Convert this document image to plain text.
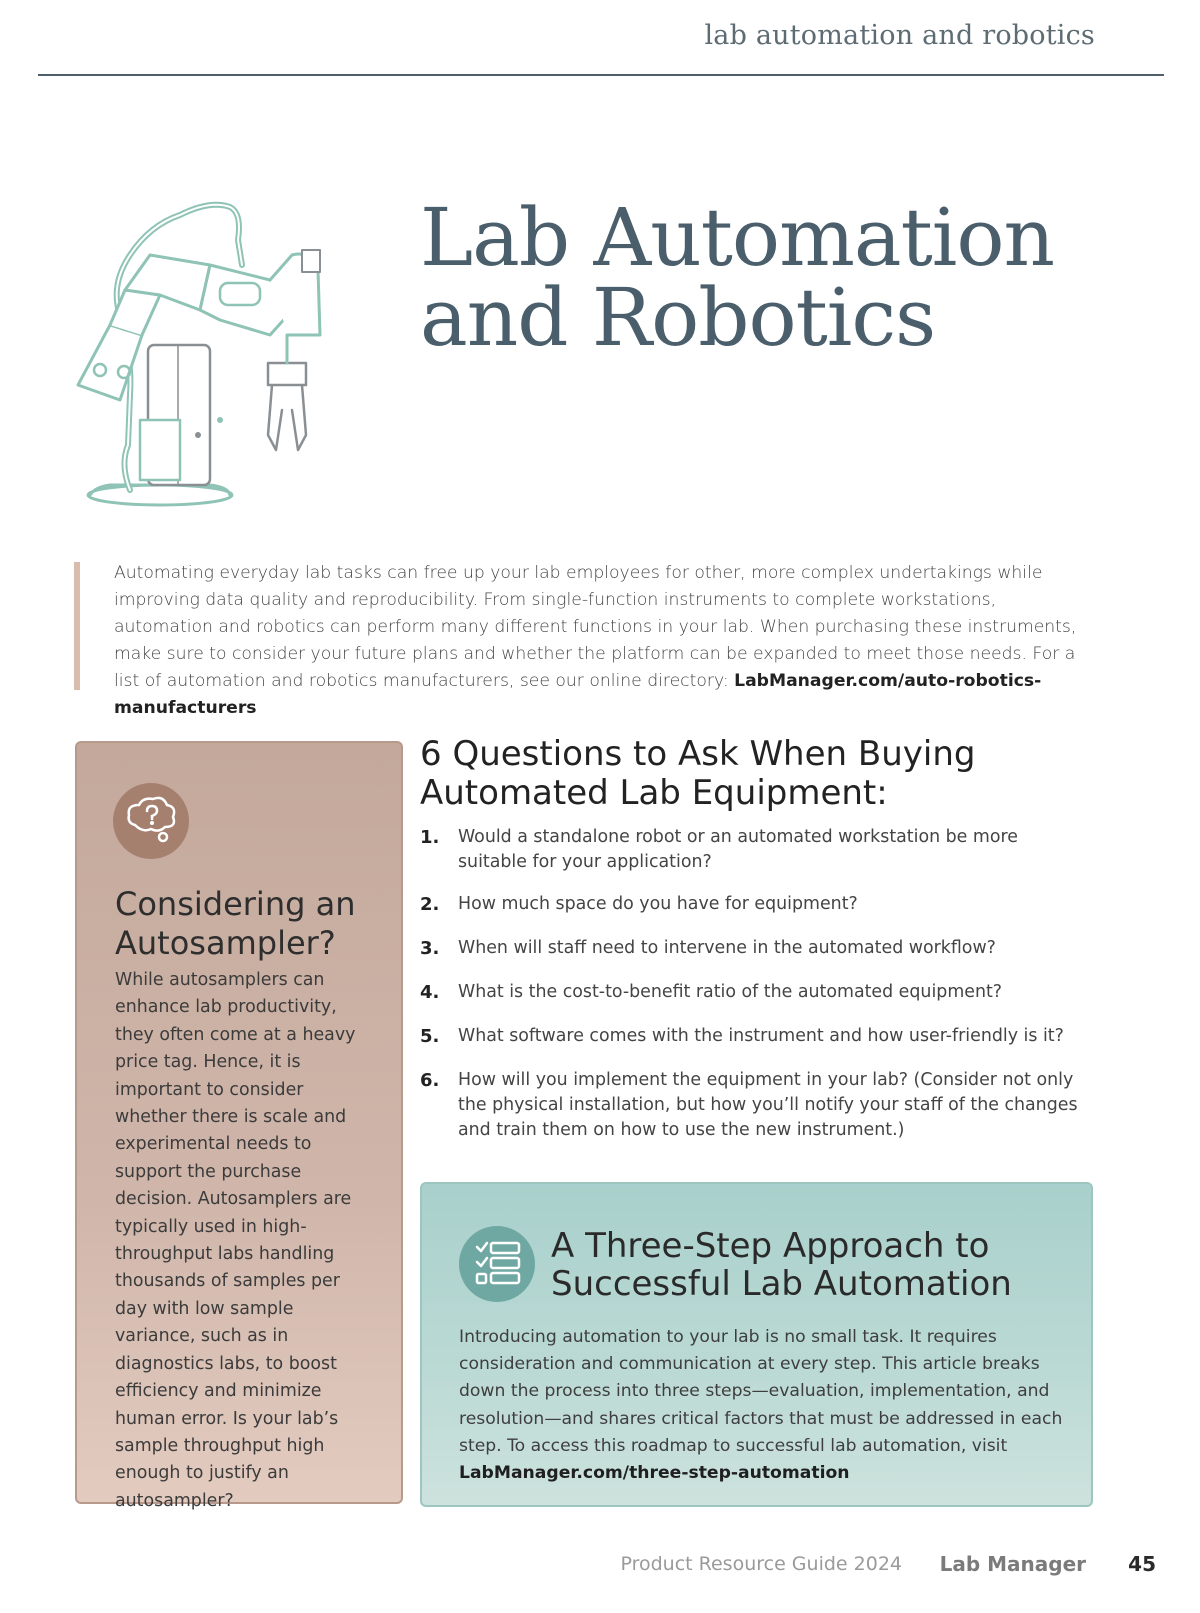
lab automation and robotics
Lab Automation
and Robotics
Automating everyday lab tasks can free up your lab employees for other, more complex undertakings while improving data quality and reproducibility. From single-function instruments to complete workstations, automation and robotics can perform many different functions in your lab. When purchasing these instruments, make sure to consider your future plans and whether the platform can be expanded to meet those needs. For a list of automation and robotics manufacturers, see our online directory: LabManager.com/auto-robotics-manufacturers
Considering an Autosampler?
While autosamplers can enhance lab productivity, they often come at a heavy price tag. Hence, it is important to consider whether there is scale and experimental needs to support the purchase decision. Autosamplers are typically used in high-throughput labs handling thousands of samples per day with low sample variance, such as in diagnostics labs, to boost efficiency and minimize human error. Is your lab’s sample throughput high enough to justify an autosampler?
6 Questions to Ask When Buying Automated Lab Equipment:
1. Would a standalone robot or an automated workstation be more suitable for your application?
2. How much space do you have for equipment?
3. When will staff need to intervene in the automated workflow?
4. What is the cost-to-benefit ratio of the automated equipment?
5. What software comes with the instrument and how user-friendly is it?
6. How will you implement the equipment in your lab? (Consider not only the physical installation, but how you’ll notify your staff of the changes and train them on how to use the new instrument.)
A Three-Step Approach to Successful Lab Automation
Introducing automation to your lab is no small task. It requires consideration and communication at every step. This article breaks down the process into three steps—evaluation, implementation, and resolution—and shares critical factors that must be addressed in each step. To access this roadmap to successful lab automation, visit LabManager.com/three-step-automation
Product Resource Guide 2024 Lab Manager 45
